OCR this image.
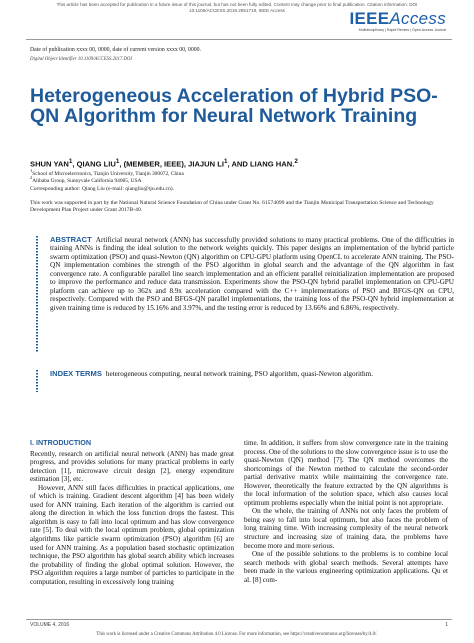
This article has been accepted for publication in a future issue of this journal, but has not been fully edited. Content may change prior to final publication. Citation information: DOI
10.1109/ACCESS.2019.2951719, IEEE Access	IEEEAccess
Multidisciplinary | Rapid Review | Open Access Journal
Date of publication xxxx 00, 0000, date of current version xxxx 00, 0000.
Digital Object Identifier 10.1109/ACCESS.2017.DOI
Heterogeneous Acceleration of Hybrid PSO-QN Algorithm for Neural Network Training
SHUN YAN$^1$, QIANG LIU$^1$, (MEMBER, IEEE), JIAJUN $LI^1$, AND LIANG HAN.$^2$
$^1$School of Microelectronics, Tianjin University, Tianjin 300072, China
$^2$Alibaba Group, Sunnyvale California 94085, USA
Corresponding author: Qiang Liu (e-mail: qiangliu@tju.edu.cn).
This work was supported in part by the National Natural Science Foundation of China under Grant No. 61574099 and the Tianjin Municipal Transportation Science and Technology Development Plan Project under Grant 2017B-40.
ABSTRACT Artificial neural network (ANN) has successfully provided solutions to many practical problems. One of the difficulties in training ANNs is finding the ideal solution to the network weights quickly. This paper designs an implementation of the hybrid particle swarm optimization (PSO) and quasi-Newton (QN) algorithm on CPU-GPU platform using OpenCL to accelerate ANN training. The PSO-QN implementation combines the strength of the PSO algorithm in global search and the advantage of the QN algorithm in fast convergence rate. A configurable parallel line search implementation and an efficient parallel reinitialization implementation are proposed to improve the performance and reduce data transmission. Experiments show the PSO-QN hybrid parallel implementation on CPU-GPU platform can achieve up to 362x and 8.9x acceleration compared with the C++ implementations of PSO and BFGS-QN on CPU, respectively. Compared with the PSO and BFGS-QN parallel implementations, the training loss of the PSO-QN hybrid implementation at given training time is reduced by 15.16% and 3.97%, and the testing error is reduced by 13.66% and 6.86%, respectively.
INDEX TERMS heterogeneous computing, neural network training, PSO algorithm, quasi-Newton algorithm.
I. INTRODUCTION

Recently, research on artificial neural network (ANN) has made great progress, and provides solutions for many practical problems in early detection [1], microwave circuit design [2], energy expenditure estimation [3], etc.

However, ANN still faces difficulties in practical applications, one of which is training. Gradient descent algorithm [4] has been widely used for ANN training. Each iteration of the algorithm is carried out along the direction in which the loss function drops the fastest. This algorithm is easy to fall into local optimum and has slow convergence rate [5]. To deal with the local optimum problem, global optimization algorithms like particle swarm optimization (PSO) algorithm [6] are used for ANN training. As a population based stochastic optimization technique, the PSO algorithm has global search ability which increases the probability of finding the global optimal solution. However, the PSO algorithm requires a large number of particles to participate in the computation, resulting in excessively long training

time. In addition, it suffers from slow convergence rate in the training process. One of the solutions to the slow convergence issue is to use the quasi-Newton (QN) method [7]. The QN method overcomes the shortcomings of the Newton method to calculate the second-order partial derivative matrix while maintaining the convergence rate. However, theoretically the feature extracted by the QN algorithms is the local information of the solution space, which also causes local optimum problems especially when the initial point is not appropriate.

On the whole, the training of ANNs not only faces the problem of being easy to fall into local optimum, but also faces the problem of long training time. With increasing complexity of the neural network structure and increasing size of training data, the problems have become more and more serious.

One of the possible solutions to the problems is to combine local search methods with global search methods. Several attempts have been made in the various engineering optimization applications. Qu et al. [8] com-

VOLUME 4, 2016	1
This work is licensed under a Creative Commons Attribution 4.0 License. For more information, see https://creativecommons.org/licenses/by/4.0/.
